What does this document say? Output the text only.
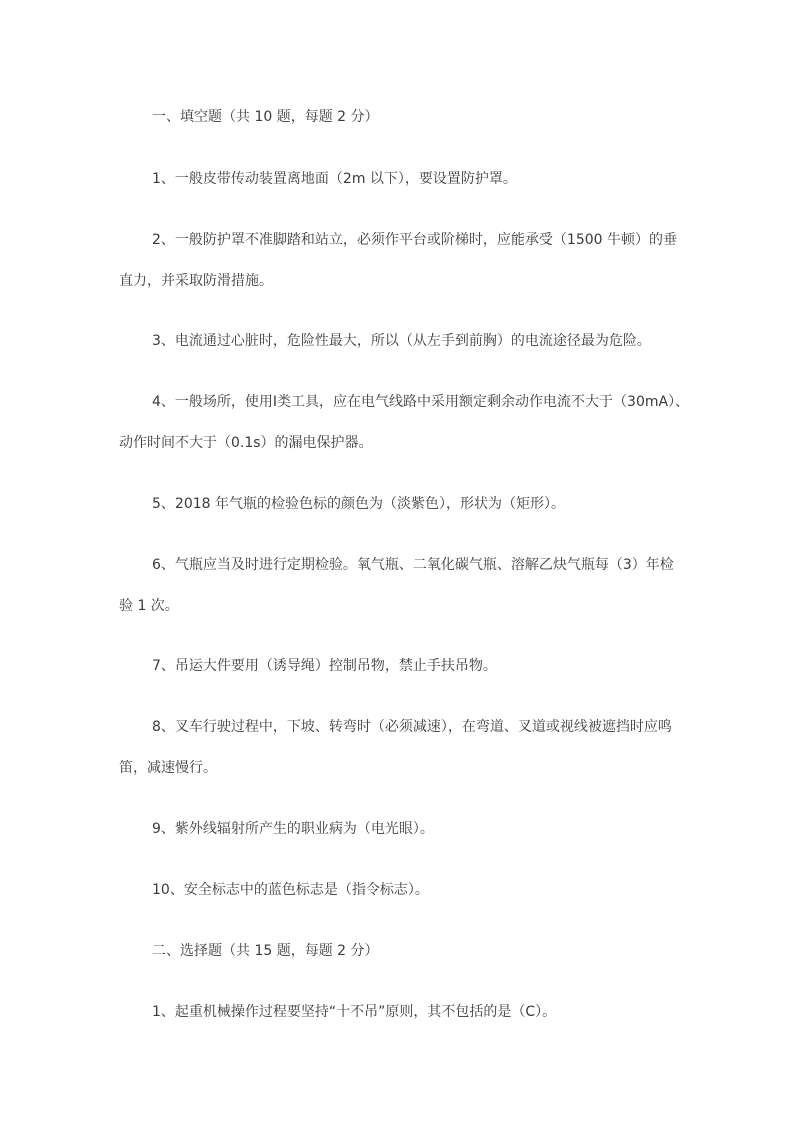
一、填空题（共 10 题，每题 2 分）
1、一般皮带传动装置离地面（2m 以下），要设置防护罩。
2、一般防护罩不准脚踏和站立，必须作平台或阶梯时，应能承受（1500 牛顿）的垂
直力，并采取防滑措施。
3、电流通过心脏时，危险性最大，所以（从左手到前胸）的电流途径最为危险。
4、一般场所，使用Ⅰ类工具，应在电气线路中采用额定剩余动作电流不大于（30mA）、
动作时间不大于（0.1s）的漏电保护器。
5、2018 年气瓶的检验色标的颜色为（淡紫色），形状为（矩形）。
6、气瓶应当及时进行定期检验。氧气瓶、二氧化碳气瓶、溶解乙炔气瓶每（3）年检
验 1 次。
7、吊运大件要用（诱导绳）控制吊物，禁止手扶吊物。
8、叉车行驶过程中，下坡、转弯时（必须减速），在弯道、叉道或视线被遮挡时应鸣
笛，减速慢行。
9、紫外线辐射所产生的职业病为（电光眼）。
10、安全标志中的蓝色标志是（指令标志）。
二、选择题（共 15 题，每题 2 分）
1、起重机械操作过程要坚持“十不吊”原则，其不包括的是（C）。
